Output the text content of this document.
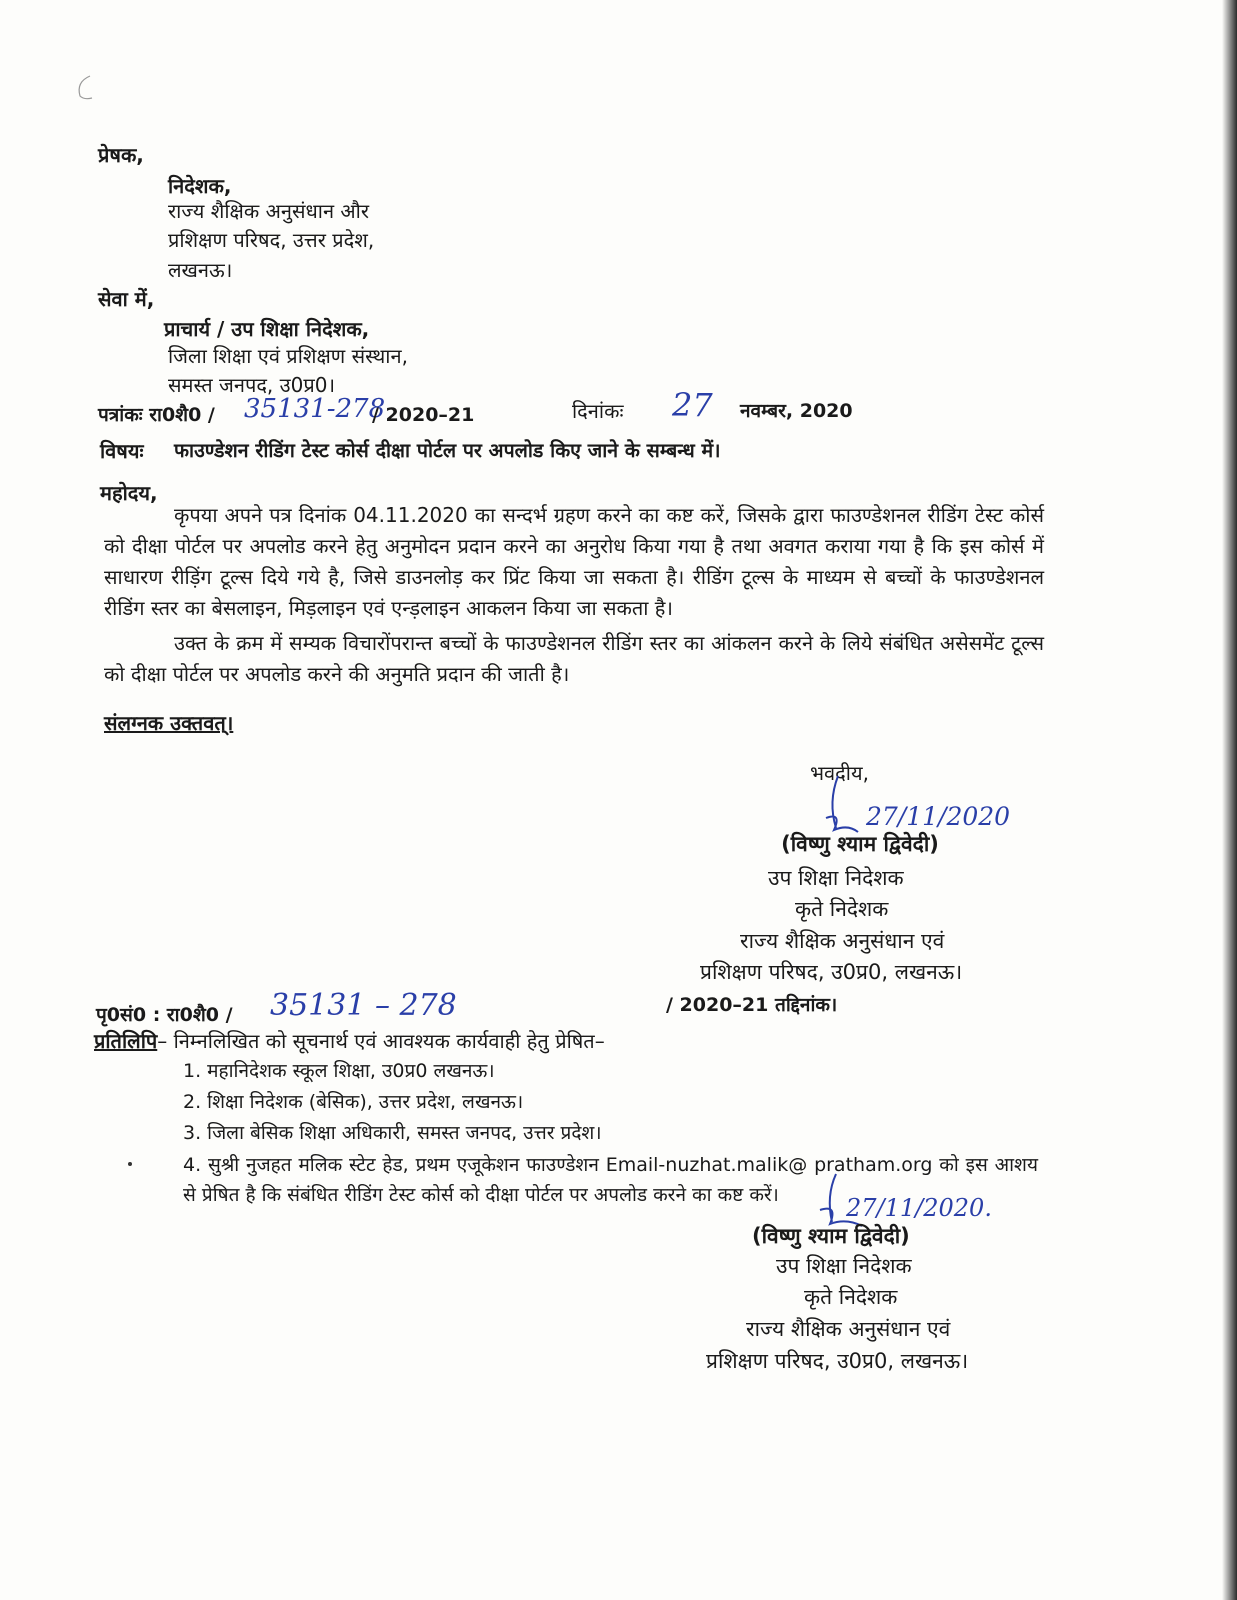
प्रेषक,
निदेशक,
राज्य शैक्षिक अनुसंधान और
प्रशिक्षण परिषद, उत्तर प्रदेश,
लखनऊ।
सेवा में,
प्राचार्य / उप शिक्षा निदेशक,
जिला शिक्षा एवं प्रशिक्षण संस्थान,
समस्त जनपद, उ0प्र0।
पत्रांकः रा0शै0 / 35131-278
/ 2020–21	दिनांकः 27 नवम्बर, 2020
विषयः फाउण्डेशन रीडिंग टेस्ट कोर्स दीक्षा पोर्टल पर अपलोड किए जाने के सम्बन्ध में।
महोदय,

कृपया अपने पत्र दिनांक 04.11.2020 का सन्दर्भ ग्रहण करने का कष्ट करें, जिसके द्वारा फाउण्डेशनल रीडिंग टेस्ट कोर्स को दीक्षा पोर्टल पर अपलोड करने हेतु अनुमोदन प्रदान करने का अनुरोध किया गया है तथा अवगत कराया गया है कि इस कोर्स में साधारण रीड़िंग टूल्स दिये गये है, जिसे डाउनलोड़ कर प्रिंट किया जा सकता है। रीडिंग टूल्स के माध्यम से बच्चों के फाउण्डेशनल रीडिंग स्तर का बेसलाइन, मिड़लाइन एवं एन्ड़लाइन आकलन किया जा सकता है।

उक्त के क्रम में सम्यक विचारोंपरान्त बच्चों के फाउण्डेशनल रीडिंग स्तर का आंकलन करने के लिये संबंधित असेसमेंट टूल्स को दीक्षा पोर्टल पर अपलोड करने की अनुमति प्रदान की जाती है।

संलग्नक उक्तवत्।
भवदीय,
27/11/2020
(विष्णु श्याम द्विवेदी)
उप शिक्षा निदेशक
कृते निदेशक
राज्य शैक्षिक अनुसंधान एवं
प्रशिक्षण परिषद, उ0प्र0, लखनऊ।
पृ0सं0 : रा0शै0 / 35131 – 278	/ 2020–21 तद्दिनांक।
प्रतिलिपि– निम्नलिखित को सूचनार्थ एवं आवश्यक कार्यवाही हेतु प्रेषित–
1. महानिदेशक स्कूल शिक्षा, उ0प्र0 लखनऊ।
2. शिक्षा निदेशक (बेसिक), उत्तर प्रदेश, लखनऊ।
3. जिला बेसिक शिक्षा अधिकारी, समस्त जनपद, उत्तर प्रदेश।
4. सुश्री नुजहत मलिक स्टेट हेड, प्रथम एजूकेशन फाउण्डेशन Email-nuzhat.malik@ pratham.org को इस आशय से प्रेषित है कि संबंधित रीडिंग टेस्ट कोर्स को दीक्षा पोर्टल पर अपलोड करने का कष्ट करें।	27/11/2020.
(विष्णु श्याम द्विवेदी)
उप शिक्षा निदेशक
कृते निदेशक
राज्य शैक्षिक अनुसंधान एवं
प्रशिक्षण परिषद, उ0प्र0, लखनऊ।
